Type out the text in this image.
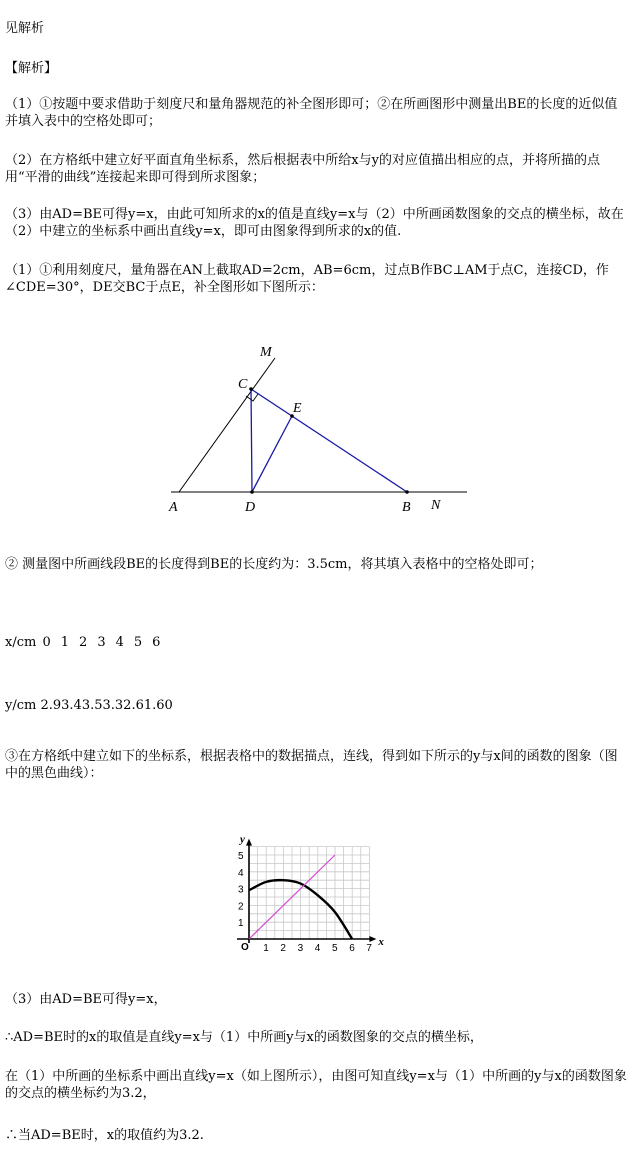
见解析
【解析】

（1）①按题中要求借助于刻度尺和量角器规范的补全图形即可；②在所画图形中测量出BE的长度的近似值并填入表中的空格处即可；

（2）在方格纸中建立好平面直角坐标系，然后根据表中所给x与y的对应值描出相应的点，并将所描的点用“平滑的曲线”连接起来即可得到所求图象；

（3）由AD=BE可得y=x，由此可知所求的x的值是直线y=x与（2）中所画函数图象的交点的横坐标，故在（2）中建立的坐标系中画出直线y=x，即可由图象得到所求的x的值.

（1）①利用刻度尺，量角器在AN上截取AD=2cm，AB=6cm，过点B作BC⊥AM于点C，连接CD，作∠CDE=30°，DE交BC于点E，补全图形如下图所示：

M
C
E
A	D	B N

② 测量图中所画线段BE的长度得到BE的长度约为：3.5cm，将其填入表格中的空格处即可；

x/cm 0 1 2 3 4 5 6
y/cm 2.93.43.53.32.61.60

③在方格纸中建立如下的坐标系，根据表格中的数据描点，连线，得到如下所示的y与x间的函数的图象（图中的黑色曲线）：

x
y
O 1 2 3 4 5 6 7
1
2
3
4
5

（3）由AD=BE可得y=x，

∴AD=BE时的x的取值是直线y=x与（1）中所画y与x的函数图象的交点的横坐标，

在（1）中所画的坐标系中画出直线y=x（如上图所示），由图可知直线y=x与（1）中所画的y与x的函数图象的交点的横坐标约为3.2，

∴当AD=BE时，x的取值约为3.2.
